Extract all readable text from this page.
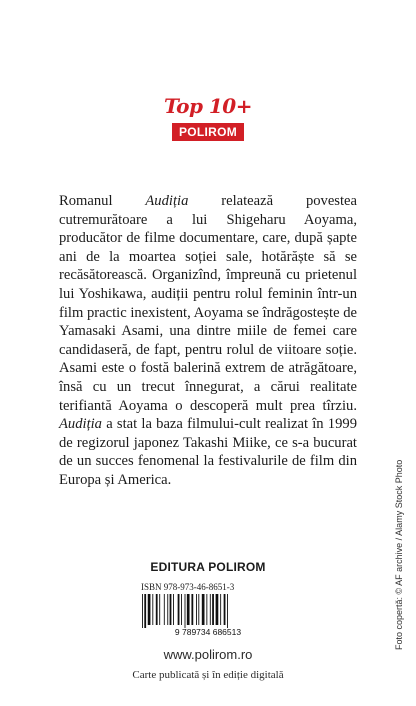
Top 10+
POLIROM

Romanul Audiția relatează povestea cutremurătoare a lui Shigeharu Aoyama, producător de filme documentare, care, după șapte ani de la moartea soției sale, hotărăște să se recăsătorească. Organizînd, împreună cu prietenul lui Yoshikawa, audiții pentru rolul feminin într-un film practic inexistent, Aoyama se îndrăgostește de Yamasaki Asami, una dintre miile de femei care candidaseră, de fapt, pentru rolul de viitoare soție. Asami este o fostă balerină extrem de atrăgătoare, însă cu un trecut înnegurat, a cărui realitate terifiantă Aoyama o descoperă mult prea tîrziu. Audiția a stat la baza filmului-cult realizat în 1999 de regizorul japonez Takashi Miike, ce s-a bucurat de un succes fenomenal la festivalurile de film din Europa și America.

EDITURA POLIROM
ISBN 978-973-46-8651-3
9 789734 686513
www.polirom.ro
Carte publicată și în ediție digitală
Foto copertă: © AF archive / Alamy Stock Photo
